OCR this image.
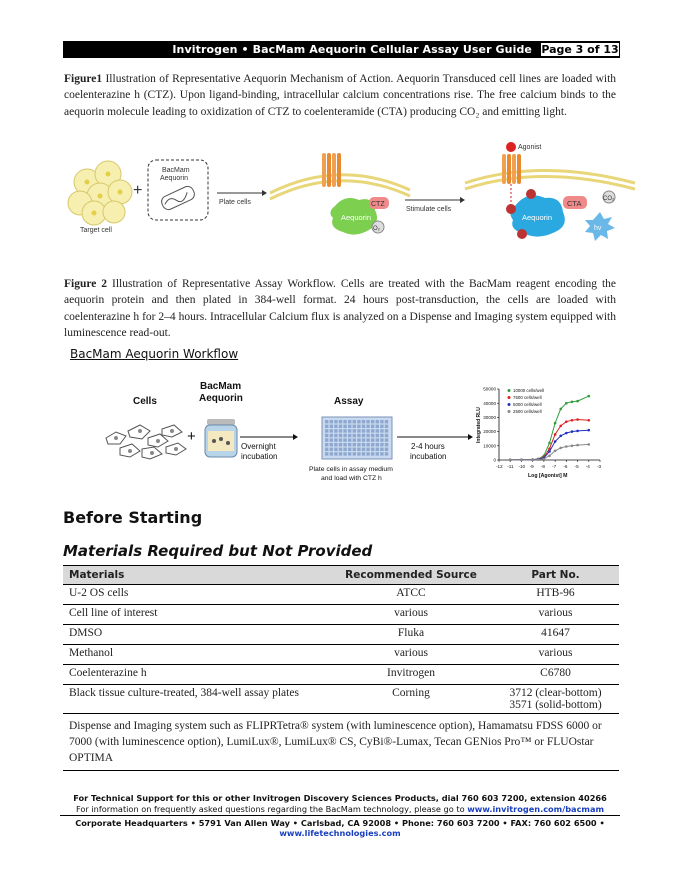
Invitrogen • BacMam Aequorin Cellular Assay User Guide Page 3 of 13

Figure1 Illustration of Representative Aequorin Mechanism of Action. Aequorin Transduced cell lines are loaded with coelenterazine h (CTZ). Upon ligand-binding, intracellular calcium concentrations rise. The free calcium binds to the aequorin molecule leading to oxidization of CTZ to coelenteramide (CTA) producing CO₂ and emitting light.

Target cell
+
BacMam
Aequorin
Plate cells
Aequorin
CTZ
O₂
Stimulate cells
Agonist
Aequorin
CTA	CO₂
hv

Figure 2 Illustration of Representative Assay Workflow. Cells are treated with the BacMam reagent encoding the aequorin protein and then plated in 384-well format. 24 hours post-transduction, the cells are loaded with coelenterazine h for 2–4 hours. Intracellular Calcium flux is analyzed on a Dispense and Imaging system equipped with luminescence read-out.

BacMam Aequorin Workflow
Cells
+
BacMam
Aequorin
Overnight
incubation
Assay
Plate cells in assay medium
and load with CTZ h
2-4 hours
incubation
-12 -11 -10 -9 -8 -7 -6 -5 -4 -3
0
10000
20000
30000
40000
50000	10000 cells/well
7500 cells/well
5000 cells/well
2500 cells/well
Log [Agonist] M
Integrated RLU
Before Starting
Materials Required but Not Provided
Materials	Recommended Source	Part No.
U-2 OS cells	ATCC	HTB-96
Cell line of interest	various	various
DMSO	Fluka	41647
Methanol	various	various
Coelenterazine h	Invitrogen	C6780
Black tissue culture-treated, 384-well assay plates	Corning	3712 (clear-bottom)
3571 (solid-bottom)

Dispense and Imaging system such as FLIPRTetra® system (with luminescence option), Hamamatsu FDSS 6000 or 7000 (with luminescence option), LumiLux®, LumiLux® CS, CyBi®-Lumax, Tecan GENios Pro™ or FLUOstar OPTIMA		
For Technical Support for this or other Invitrogen Discovery Sciences Products, dial 760 603 7200, extension 40266
For information on frequently asked questions regarding the BacMam technology, please go to www.invitrogen.com/bacmam
Corporate Headquarters • 5791 Van Allen Way • Carlsbad, CA 92008 • Phone: 760 603 7200 • FAX: 760 602 6500 •
www.lifetechnologies.com
